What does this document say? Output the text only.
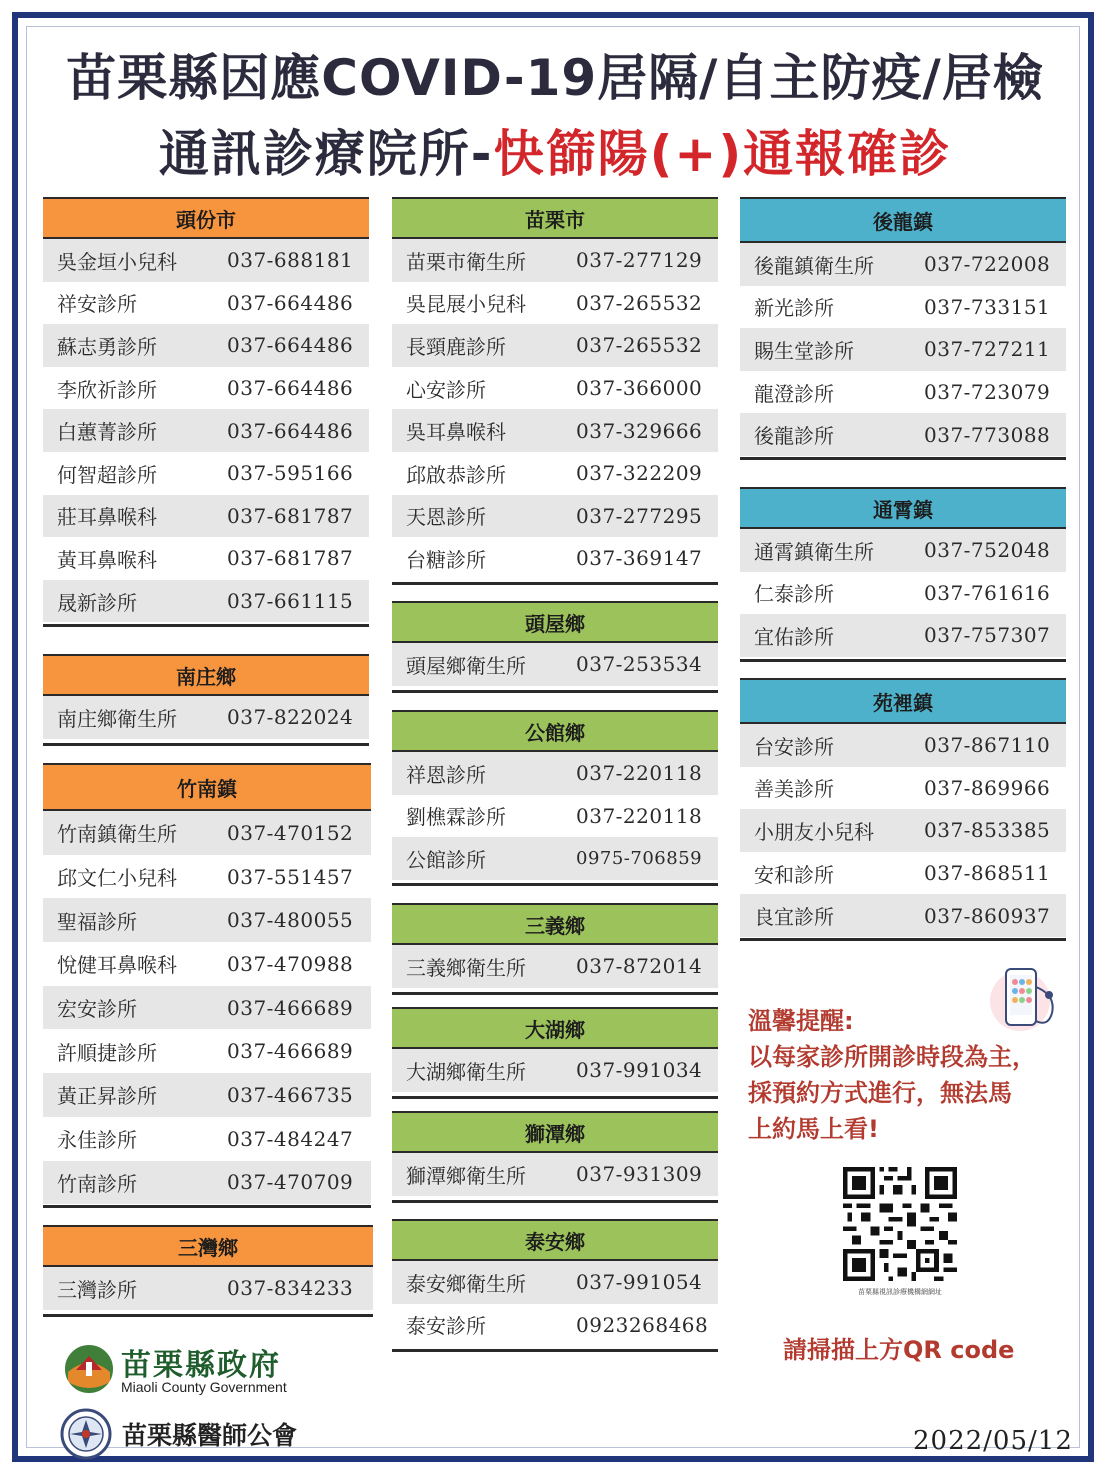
苗栗縣因應COVID-19居隔/自主防疫/居檢
通訊診療院所-快篩陽(+)通報確診
頭份市
吳金垣小兒科	037-688181
祥安診所	037-664486
蘇志勇診所	037-664486
李欣祈診所	037-664486
白蕙菁診所	037-664486
何智超診所	037-595166
莊耳鼻喉科	037-681787
黃耳鼻喉科	037-681787
晟新診所	037-661115
南庄鄉
南庄鄉衛生所	037-822024
竹南鎮
竹南鎮衛生所	037-470152
邱文仁小兒科	037-551457
聖福診所	037-480055
悅健耳鼻喉科	037-470988
宏安診所	037-466689
許順捷診所	037-466689
黃正昇診所	037-466735
永佳診所	037-484247
竹南診所	037-470709
三灣鄉
三灣診所	037-834233
苗栗市
苗栗市衛生所	037-277129
吳昆展小兒科	037-265532
長頸鹿診所	037-265532
心安診所	037-366000
吳耳鼻喉科	037-329666
邱啟恭診所	037-322209
天恩診所	037-277295
台糖診所	037-369147
頭屋鄉
頭屋鄉衛生所	037-253534
公館鄉
祥恩診所	037-220118
劉樵霖診所	037-220118
公館診所	0975-706859
三義鄉
三義鄉衛生所	037-872014
大湖鄉
大湖鄉衛生所	037-991034
獅潭鄉
獅潭鄉衛生所	037-931309
泰安鄉
泰安鄉衛生所	037-991054
泰安診所	0923268468
後龍鎮
後龍鎮衛生所	037-722008
新光診所	037-733151
賜生堂診所	037-727211
龍澄診所	037-723079
後龍診所	037-773088
通霄鎮
通霄鎮衛生所	037-752048
仁泰診所	037-761616
宜佑診所	037-757307
苑裡鎮
台安診所	037-867110
善美診所	037-869966
小朋友小兒科	037-853385
安和診所	037-868511
良宜診所	037-860937
溫馨提醒:
以每家診所開診時段為主，
採預約方式進行，無法馬
上約馬上看!
苗栗縣視訊診療機構網網址
請掃描上方QR code
苗栗縣政府
Miaoli County Government
苗栗縣醫師公會	2022/05/12
